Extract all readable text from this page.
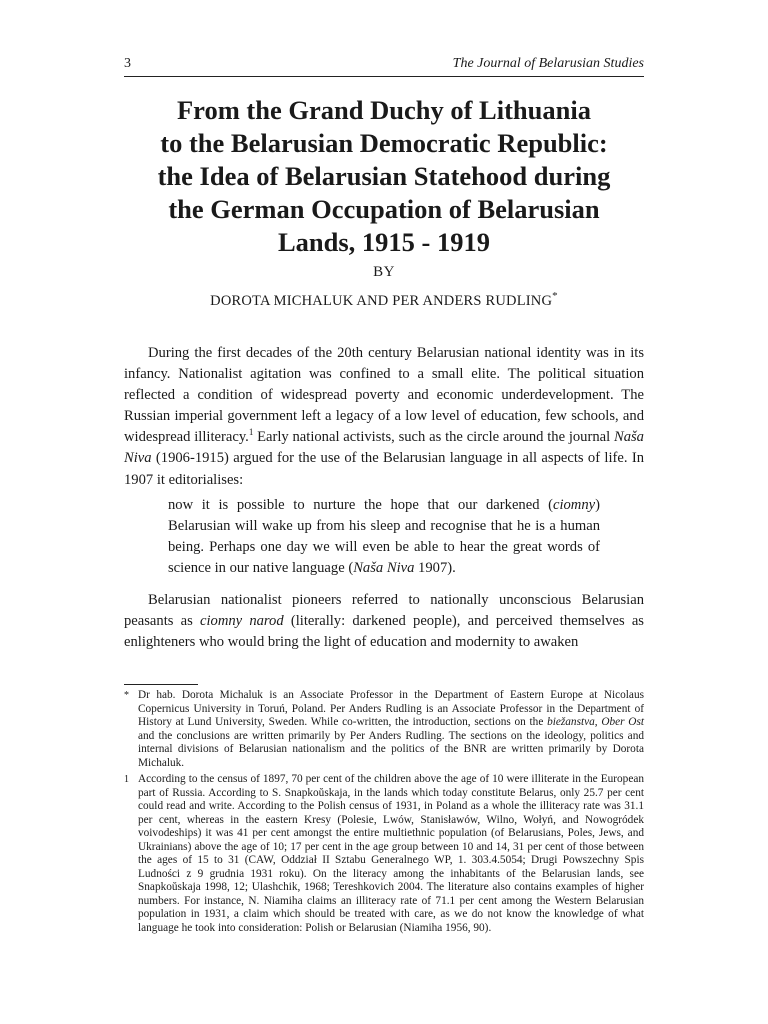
3	The Journal of Belarusian Studies
From the Grand Duchy of Lithuania
to the Belarusian Democratic Republic:
the Idea of Belarusian Statehood during
the German Occupation of Belarusian
Lands, 1915 - 1919
BY
DOROTA MICHALUK AND PER ANDERS RUDLING*

During the first decades of the 20th century Belarusian national identity was in its infancy. Nationalist agitation was confined to a small elite. The political situation reflected a condition of widespread poverty and economic underdevelopment. The Russian imperial government left a legacy of a low level of education, few schools, and widespread illiteracy.$^1$ Early national activists, such as the circle around the journal Naša Niva (1906-1915) argued for the use of the Belarusian language in all aspects of life. In 1907 it editorialises:

now it is possible to nurture the hope that our darkened (ciomny) Belarusian will wake up from his sleep and recognise that he is a human being. Perhaps one day we will even be able to hear the great words of science in our native language (Naša Niva 1907).

Belarusian nationalist pioneers referred to nationally unconscious Belarusian peasants as ciomny narod (literally: darkened people), and perceived themselves as enlighteners who would bring the light of education and modernity to awaken

* Dr hab. Dorota Michaluk is an Associate Professor in the Department of Eastern Europe at Nicolaus Copernicus University in Toruń, Poland. Per Anders Rudling is an Associate Professor in the Department of History at Lund University, Sweden. While co-written, the introduction, sections on the biežanstva, Ober Ost and the conclusions are written primarily by Per Anders Rudling. The sections on the ideology, politics and internal divisions of Belarusian nationalism and the politics of the BNR are written primarily by Dorota Michaluk.
1 According to the census of 1897, 70 per cent of the children above the age of 10 were illiterate in the European part of Russia. According to S. Snapkoŭskaja, in the lands which today constitute Belarus, only 25.7 per cent could read and write. According to the Polish census of 1931, in Poland as a whole the illiteracy rate was 31.1 per cent, whereas in the eastern Kresy (Polesie, Lwów, Stanisławów, Wilno, Wołyń, and Nowogródek voivodeships) it was 41 per cent amongst the entire multiethnic population (of Belarusians, Poles, Jews, and Ukrainians) above the age of 10; 17 per cent in the age group between 10 and 14, 31 per cent of those between the ages of 15 to 31 (CAW, Oddział II Sztabu Generalnego WP, 1. 303.4.5054; Drugi Powszechny Spis Ludności z 9 grudnia 1931 roku). On the literacy among the inhabitants of the Belarusian lands, see Snapkoŭskaja 1998, 12; Ulashchik, 1968; Tereshkovich 2004. The literature also contains examples of higher numbers. For instance, N. Niamiha claims an illiteracy rate of 71.1 per cent among the Western Belarusian population in 1931, a claim which should be treated with care, as we do not know the knowledge of what language he took into consideration: Polish or Belarusian (Niamiha 1956, 90).
